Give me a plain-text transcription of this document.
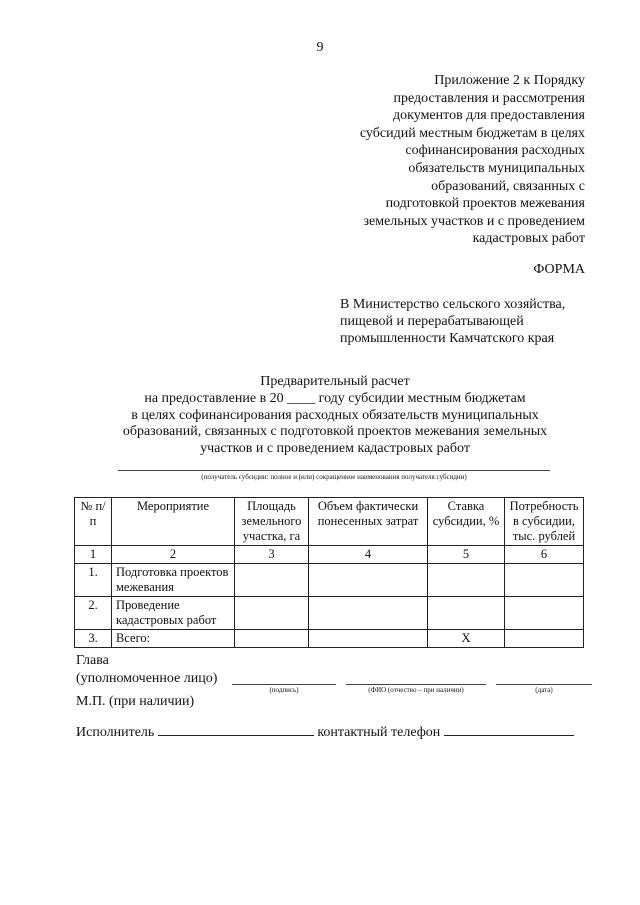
9
Приложение 2 к Порядку
предоставления и рассмотрения
документов для предоставления
субсидий местным бюджетам в целях
софинансирования расходных
обязательств муниципальных
образований, связанных с
подготовкой проектов межевания
земельных участков и с проведением
кадастровых работ
ФОРМА
В Министерство сельского хозяйства,
пищевой и перерабатывающей
промышленности Камчатского края
Предварительный расчет
на предоставление в 20 ____ году субсидии местным бюджетам
в целях софинансирования расходных обязательств муниципальных
образований, связанных с подготовкой проектов межевания земельных
участков и с проведением кадастровых работ
(получатель субсидии: полное и (или) сокращенное наименования получателя субсидии)
№ п/п	Мероприятие	Площадь земельного участка, га	Объем фактически понесенных затрат	Ставка субсидии, %	Потребность в субсидии, тыс. рублей
1	2	3	4	5	6
1.	Подготовка проектов межевания				
2.	Проведение кадастровых работ				
3.	Всего:			X	
Глава
(уполномоченное лицо)
(подпись)	(ФИО (отчество – при наличии)	(дата)
М.П. (при наличии)
Исполнитель	контактный телефон
